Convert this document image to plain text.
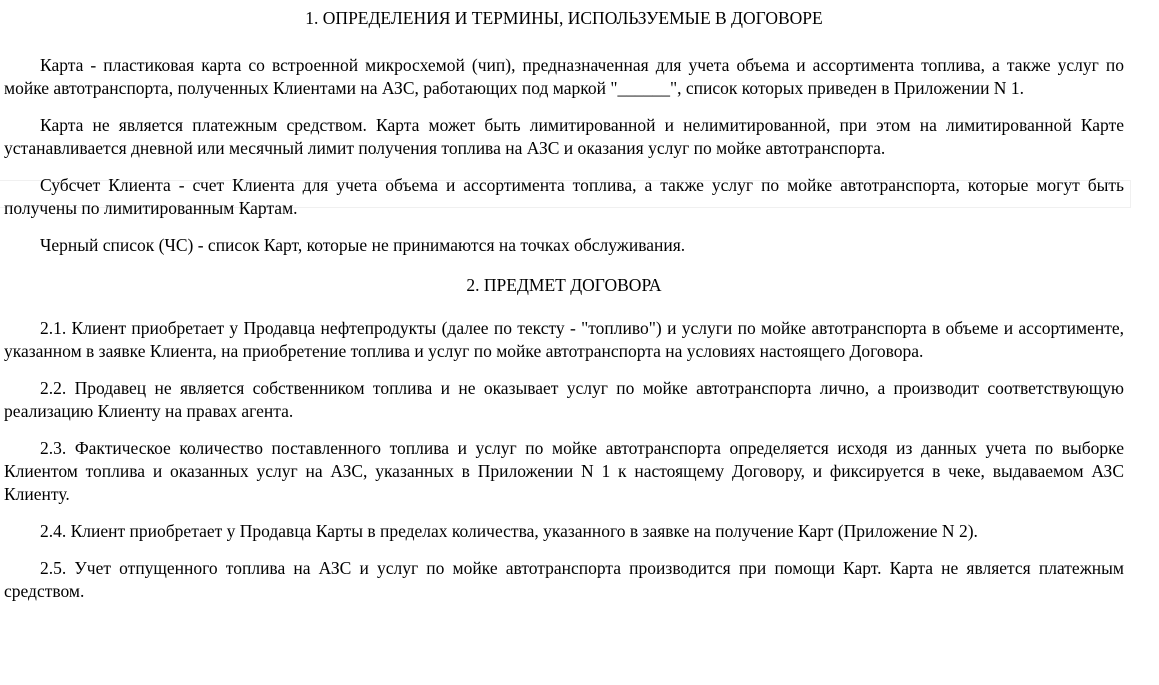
1. ОПРЕДЕЛЕНИЯ И ТЕРМИНЫ, ИСПОЛЬЗУЕМЫЕ В ДОГОВОРЕ

Карта - пластиковая карта со встроенной микросхемой (чип), предназначенная для учета объема и ассортимента топлива, а также услуг по мойке автотранспорта, полученных Клиентами на АЗС, работающих под маркой "______", список которых приведен в Приложении N 1.

Карта не является платежным средством. Карта может быть лимитированной и нелимитированной, при этом на лимитированной Карте устанавливается дневной или месячный лимит получения топлива на АЗС и оказания услуг по мойке автотранспорта.

Субсчет Клиента - счет Клиента для учета объема и ассортимента топлива, а также услуг по мойке автотранспорта, которые могут быть получены по лимитированным Картам.

Черный список (ЧС) - список Карт, которые не принимаются на точках обслуживания.

2. ПРЕДМЕТ ДОГОВОРА

2.1. Клиент приобретает у Продавца нефтепродукты (далее по тексту - "топливо") и услуги по мойке автотранспорта в объеме и ассортименте, указанном в заявке Клиента, на приобретение топлива и услуг по мойке автотранспорта на условиях настоящего Договора.

2.2. Продавец не является собственником топлива и не оказывает услуг по мойке автотранспорта лично, а производит соответствующую реализацию Клиенту на правах агента.

2.3. Фактическое количество поставленного топлива и услуг по мойке автотранспорта определяется исходя из данных учета по выборке Клиентом топлива и оказанных услуг на АЗС, указанных в Приложении N 1 к настоящему Договору, и фиксируется в чеке, выдаваемом АЗС Клиенту.

2.4. Клиент приобретает у Продавца Карты в пределах количества, указанного в заявке на получение Карт (Приложение N 2).

2.5. Учет отпущенного топлива на АЗС и услуг по мойке автотранспорта производится при помощи Карт. Карта не является платежным средством.
